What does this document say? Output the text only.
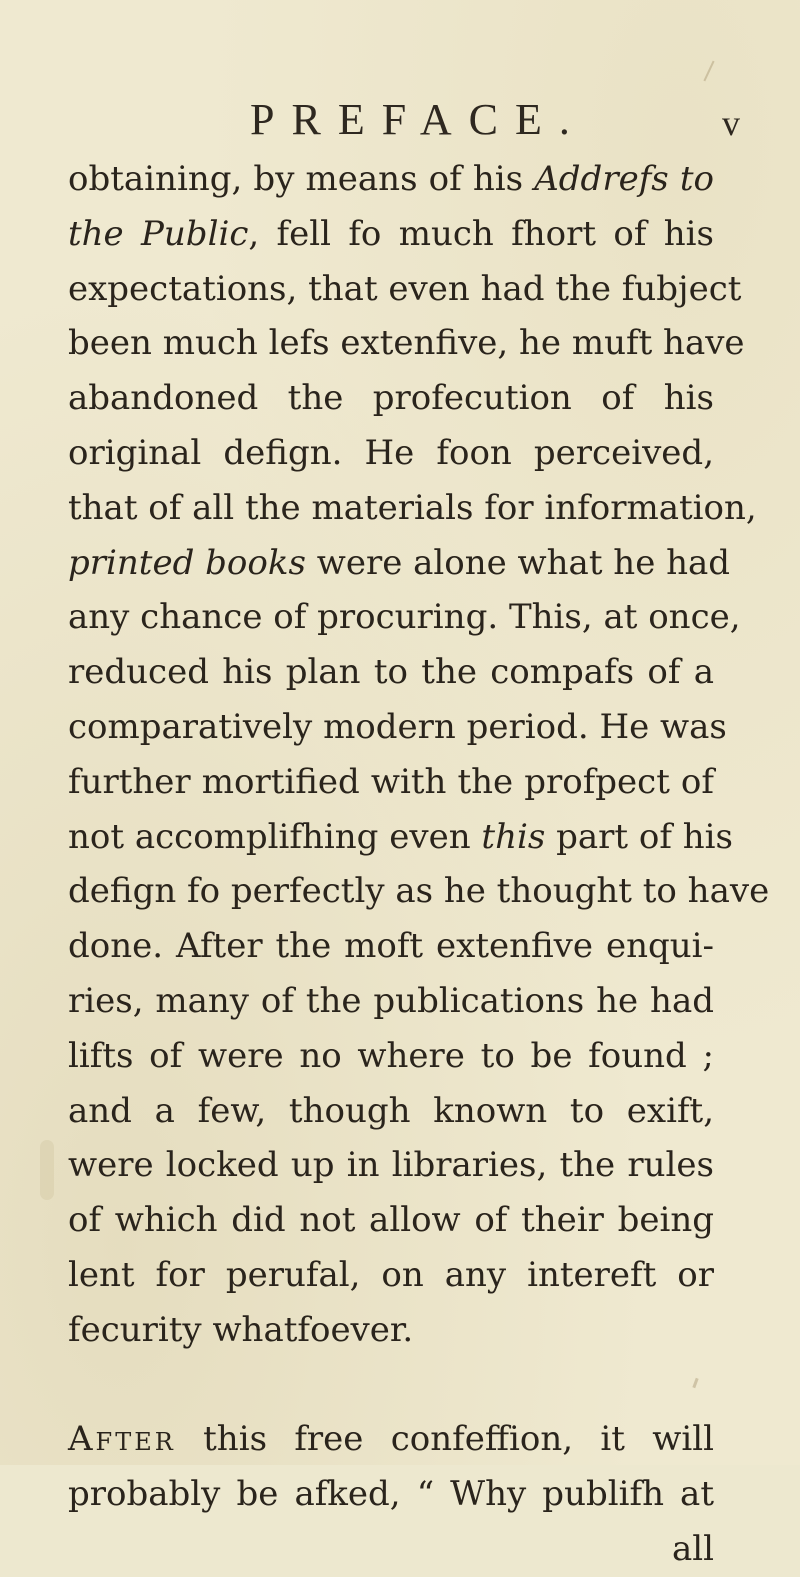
PREFACE.	v
obtaining, by means of his Addrefs to
the Public, fell fo much fhort of his
expectations, that even had the fubject
been much lefs extenfive, he muft have
abandoned the profecution of his
original defign. He foon perceived,
that of all the materials for information,
printed books were alone what he had
any chance of procuring. This, at once,
reduced his plan to the compafs of a
comparatively modern period. He was
further mortified with the profpect of
not accomplifhing even this part of his
defign fo perfectly as he thought to have
done. After the moft extenfive enqui-
ries, many of the publications he had
lifts of were no where to be found ;
and a few, though known to exift,
were locked up in libraries, the rules
of which did not allow of their being
lent for perufal, on any intereft or
fecurity whatfoever.

After this free confeffion, it will
probably be afked, “ Why publifh at
all
